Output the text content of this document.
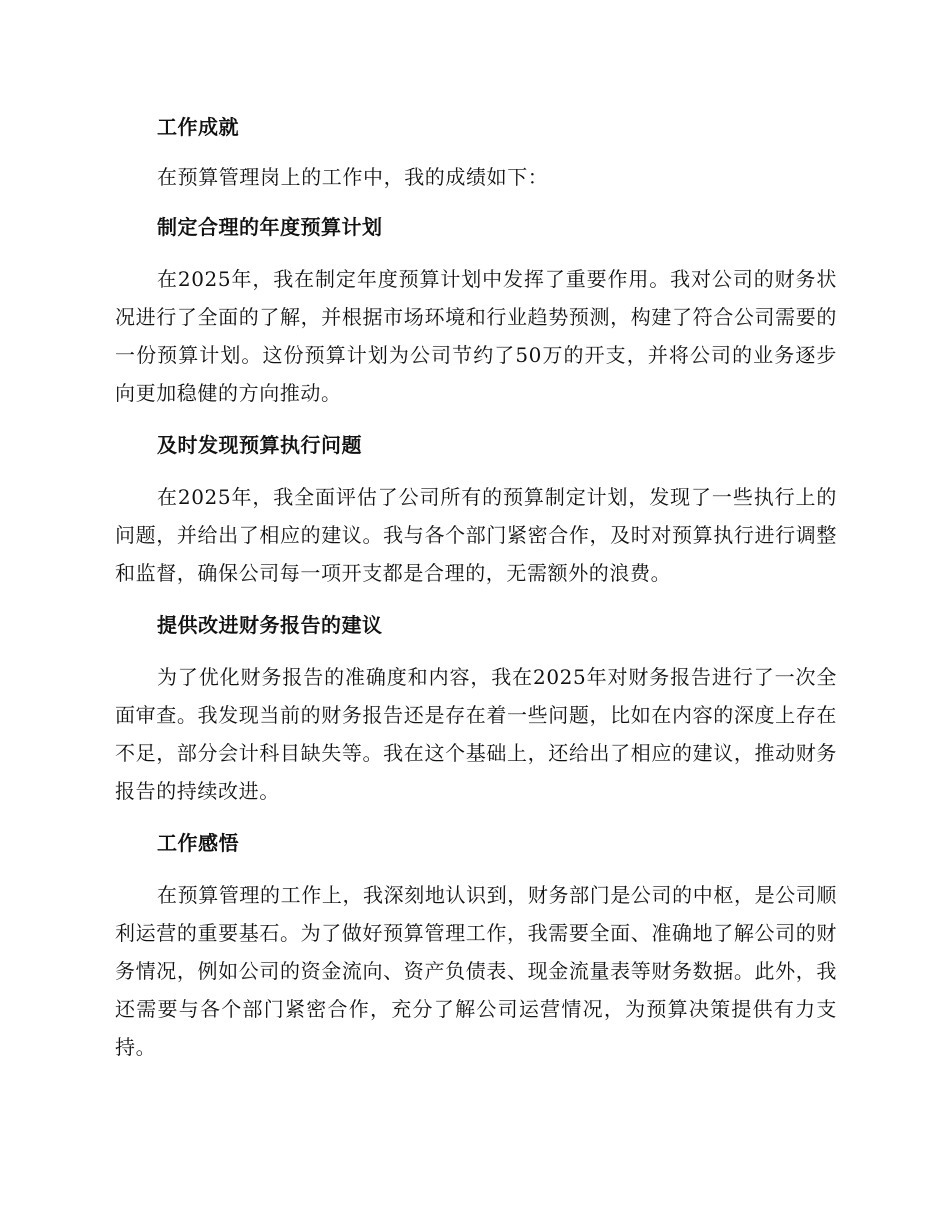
工作成就

在预算管理岗上的工作中，我的成绩如下：

制定合理的年度预算计划

在2025年，我在制定年度预算计划中发挥了重要作用。我对公司的财务状况进行了全面的了解，并根据市场环境和行业趋势预测，构建了符合公司需要的一份预算计划。这份预算计划为公司节约了50万的开支，并将公司的业务逐步向更加稳健的方向推动。

及时发现预算执行问题

在2025年，我全面评估了公司所有的预算制定计划，发现了一些执行上的问题，并给出了相应的建议。我与各个部门紧密合作，及时对预算执行进行调整和监督，确保公司每一项开支都是合理的，无需额外的浪费。

提供改进财务报告的建议

为了优化财务报告的准确度和内容，我在2025年对财务报告进行了一次全面审查。我发现当前的财务报告还是存在着一些问题，比如在内容的深度上存在不足，部分会计科目缺失等。我在这个基础上，还给出了相应的建议，推动财务报告的持续改进。

工作感悟

在预算管理的工作上，我深刻地认识到，财务部门是公司的中枢，是公司顺利运营的重要基石。为了做好预算管理工作，我需要全面、准确地了解公司的财务情况，例如公司的资金流向、资产负债表、现金流量表等财务数据。此外，我还需要与各个部门紧密合作，充分了解公司运营情况，为预算决策提供有力支持。
